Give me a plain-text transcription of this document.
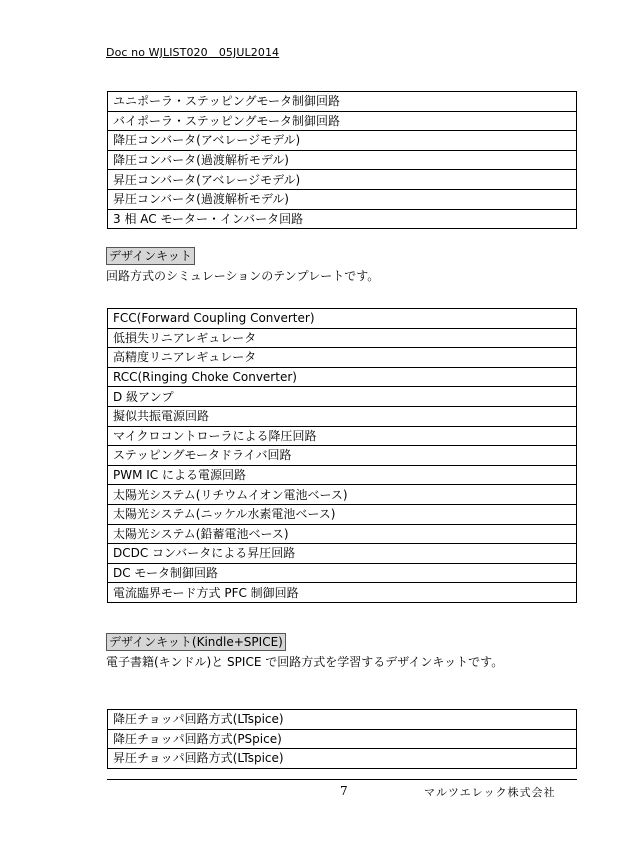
Doc no WJLIST020　05JUL2014
ユニポーラ・ステッピングモータ制御回路
バイポーラ・ステッピングモータ制御回路
降圧コンバータ(アベレージモデル)
降圧コンバータ(過渡解析モデル)
昇圧コンバータ(アベレージモデル)
昇圧コンバータ(過渡解析モデル)
3 相 AC モーター・インバータ回路
デザインキット
回路方式のシミュレーションのテンプレートです。
FCC(Forward Coupling Converter)
低損失リニアレギュレータ
高精度リニアレギュレータ
RCC(Ringing Choke Converter)
D 級アンプ
擬似共振電源回路
マイクロコントローラによる降圧回路
ステッピングモータドライバ回路
PWM IC による電源回路
太陽光システム(リチウムイオン電池ベース)
太陽光システム(ニッケル水素電池ベース)
太陽光システム(鉛蓄電池ベース)
DCDC コンバータによる昇圧回路
DC モータ制御回路
電流臨界モード方式 PFC 制御回路
デザインキット(Kindle+SPICE)
電子書籍(キンドル)と SPICE で回路方式を学習するデザインキットです。
降圧チョッパ回路方式(LTspice)
降圧チョッパ回路方式(PSpice)
昇圧チョッパ回路方式(LTspice)
7	マルツエレック株式会社
